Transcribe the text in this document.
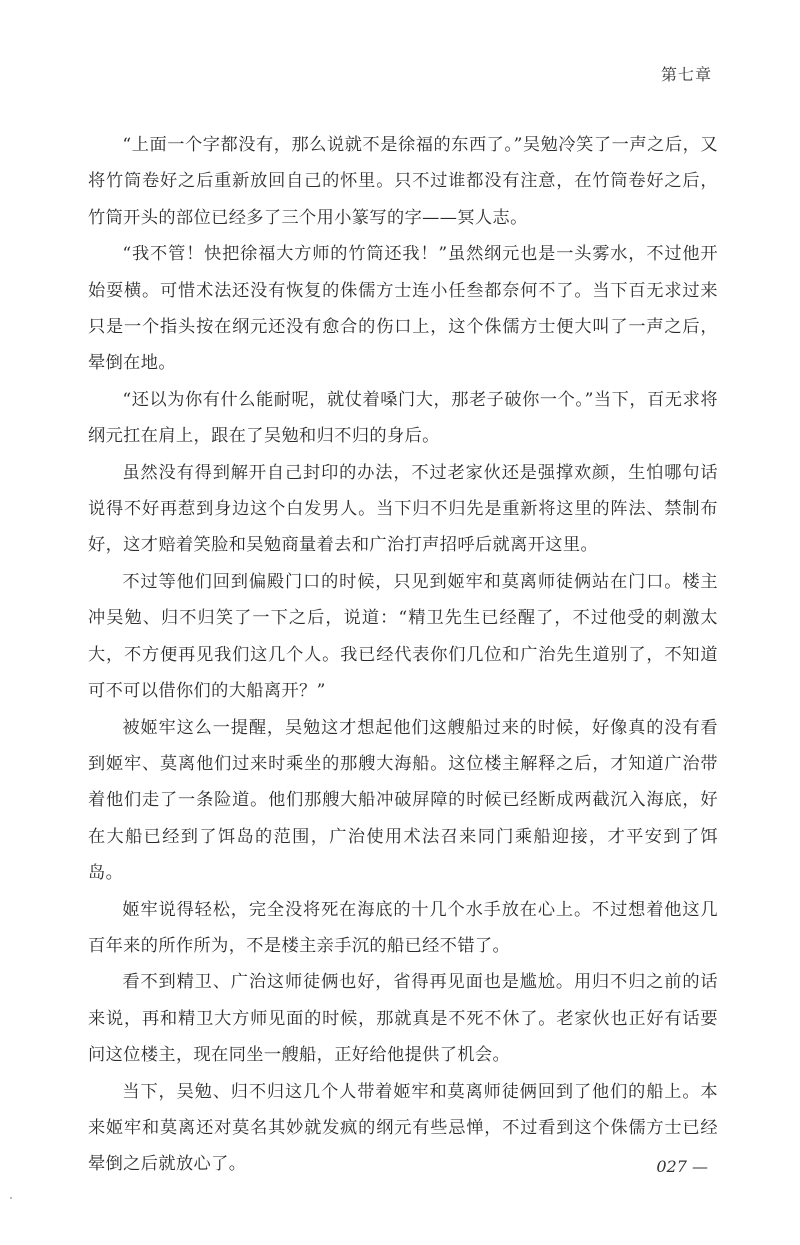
第七章

“上面一个字都没有，那么说就不是徐福的东西了。”吴勉冷笑了一声之后，又将竹筒卷好之后重新放回自己的怀里。只不过谁都没有注意，在竹筒卷好之后，竹筒开头的部位已经多了三个用小篆写的字——冥人志。

“我不管！快把徐福大方师的竹筒还我！”虽然纲元也是一头雾水，不过他开始耍横。可惜术法还没有恢复的侏儒方士连小任叁都奈何不了。当下百无求过来只是一个指头按在纲元还没有愈合的伤口上，这个侏儒方士便大叫了一声之后，晕倒在地。

“还以为你有什么能耐呢，就仗着嗓门大，那老子破你一个。”当下，百无求将纲元扛在肩上，跟在了吴勉和归不归的身后。

虽然没有得到解开自己封印的办法，不过老家伙还是强撑欢颜，生怕哪句话说得不好再惹到身边这个白发男人。当下归不归先是重新将这里的阵法、禁制布好，这才赔着笑脸和吴勉商量着去和广治打声招呼后就离开这里。

不过等他们回到偏殿门口的时候，只见到姬牢和莫离师徒俩站在门口。楼主冲吴勉、归不归笑了一下之后，说道：“精卫先生已经醒了，不过他受的刺激太大，不方便再见我们这几个人。我已经代表你们几位和广治先生道别了，不知道可不可以借你们的大船离开？”

被姬牢这么一提醒，吴勉这才想起他们这艘船过来的时候，好像真的没有看到姬牢、莫离他们过来时乘坐的那艘大海船。这位楼主解释之后，才知道广治带着他们走了一条险道。他们那艘大船冲破屏障的时候已经断成两截沉入海底，好在大船已经到了饵岛的范围，广治使用术法召来同门乘船迎接，才平安到了饵岛。

姬牢说得轻松，完全没将死在海底的十几个水手放在心上。不过想着他这几百年来的所作所为，不是楼主亲手沉的船已经不错了。

看不到精卫、广治这师徒俩也好，省得再见面也是尴尬。用归不归之前的话来说，再和精卫大方师见面的时候，那就真是不死不休了。老家伙也正好有话要问这位楼主，现在同坐一艘船，正好给他提供了机会。

当下，吴勉、归不归这几个人带着姬牢和莫离师徒俩回到了他们的船上。本来姬牢和莫离还对莫名其妙就发疯的纲元有些忌惮，不过看到这个侏儒方士已经晕倒之后就放心了。	027 —
